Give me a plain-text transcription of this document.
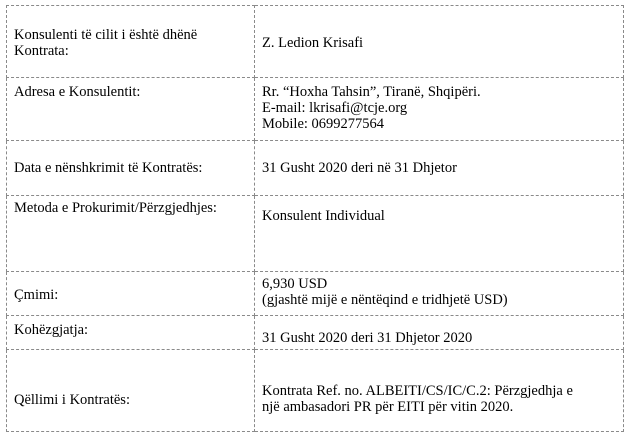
Konsulenti të cilit i është dhënë
Kontrata:	Z. Ledion Krisafi

Adresa e Konsulentit:	Rr. “Hoxha Tahsin”, Tiranë, Shqipëri.
E-mail: lkrisafi@tcje.org
Mobile: 0699277564

Data e nënshkrimit të Kontratës:	31 Gusht 2020 deri në 31 Dhjetor

Metoda e Prokurimit/Përzgjedhjes:	Konsulent Individual

Çmimi:	6,930 USD
(gjashtë mijë e nëntëqind e tridhjetë USD)

Kohëzgjatja:	31 Gusht 2020 deri 31 Dhjetor 2020

Qëllimi i Kontratës:	Kontrata Ref. no. ALBEITI/CS/IC/C.2: Përzgjedhja e
një ambasadori PR për EITI për vitin 2020.
